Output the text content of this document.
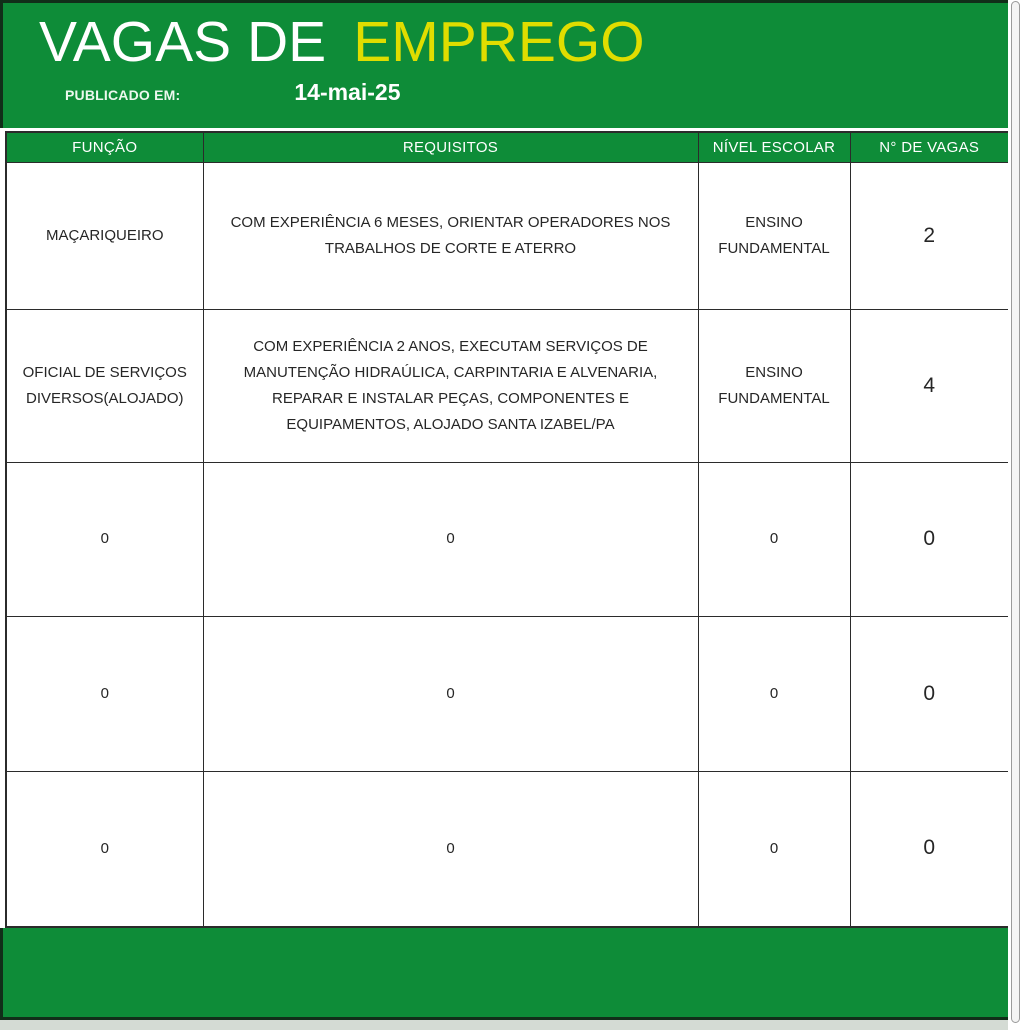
VAGAS DE EMPREGO
PUBLICADO EM:	14-mai-25
FUNÇÃO	REQUISITOS	NÍVEL ESCOLAR	N° DE VAGAS
MAÇARIQUEIRO	COM EXPERIÊNCIA 6 MESES, ORIENTAR OPERADORES NOS TRABALHOS DE CORTE E ATERRO	ENSINO FUNDAMENTAL	2
OFICIAL DE SERVIÇOS DIVERSOS(ALOJADO)	COM EXPERIÊNCIA 2 ANOS, EXECUTAM SERVIÇOS DE MANUTENÇÃO HIDRAÚLICA, CARPINTARIA E ALVENARIA, REPARAR E INSTALAR PEÇAS, COMPONENTES E EQUIPAMENTOS, ALOJADO SANTA IZABEL/PA	ENSINO FUNDAMENTAL	4
0	0	0	0
0	0	0	0
0	0	0	0
